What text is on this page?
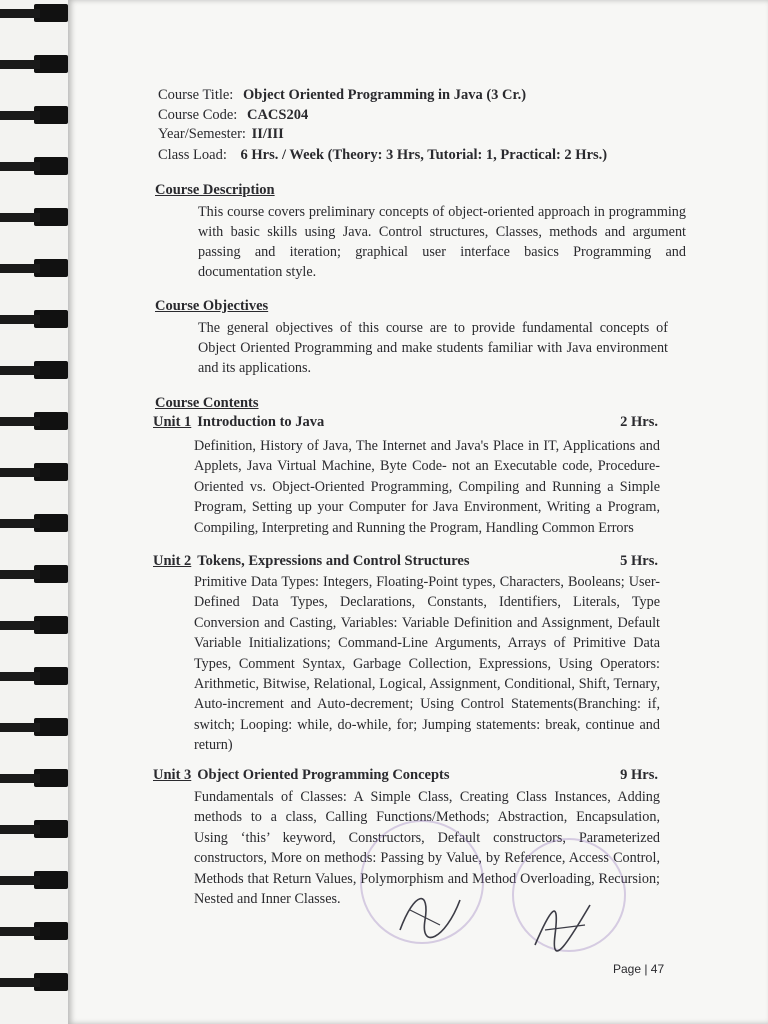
Course Title: Object Oriented Programming in Java (3 Cr.)
Course Code: CACS204
Year/Semester: II/III
Class Load: 6 Hrs. / Week (Theory: 3 Hrs, Tutorial: 1, Practical: 2 Hrs.)
Course Description
This course covers preliminary concepts of object-oriented approach in programming with basic skills using Java. Control structures, Classes, methods and argument passing and iteration; graphical user interface basics Programming and documentation style.
Course Objectives
The general objectives of this course are to provide fundamental concepts of Object Oriented Programming and make students familiar with Java environment and its applications.
Course Contents
Unit 1 Introduction to Java	2 Hrs.
Definition, History of Java, The Internet and Java's Place in IT, Applications and Applets, Java Virtual Machine, Byte Code- not an Executable code, Procedure-Oriented vs. Object-Oriented Programming, Compiling and Running a Simple Program, Setting up your Computer for Java Environment, Writing a Program, Compiling, Interpreting and Running the Program, Handling Common Errors
Unit 2 Tokens, Expressions and Control Structures	5 Hrs.
Primitive Data Types: Integers, Floating-Point types, Characters, Booleans; User-Defined Data Types, Declarations, Constants, Identifiers, Literals, Type Conversion and Casting, Variables: Variable Definition and Assignment, Default Variable Initializations; Command-Line Arguments, Arrays of Primitive Data Types, Comment Syntax, Garbage Collection, Expressions, Using Operators: Arithmetic, Bitwise, Relational, Logical, Assignment, Conditional, Shift, Ternary, Auto-increment and Auto-decrement; Using Control Statements(Branching: if, switch; Looping: while, do-while, for; Jumping statements: break, continue and return)
Unit 3 Object Oriented Programming Concepts	9 Hrs.
Fundamentals of Classes: A Simple Class, Creating Class Instances, Adding methods to a class, Calling Functions/Methods; Abstraction, Encapsulation, Using ‘this’ keyword, Constructors, Default constructors, Parameterized constructors, More on methods: Passing by Value, by Reference, Access Control, Methods that Return Values, Polymorphism and Method Overloading, Recursion; Nested and Inner Classes.
Page | 47
